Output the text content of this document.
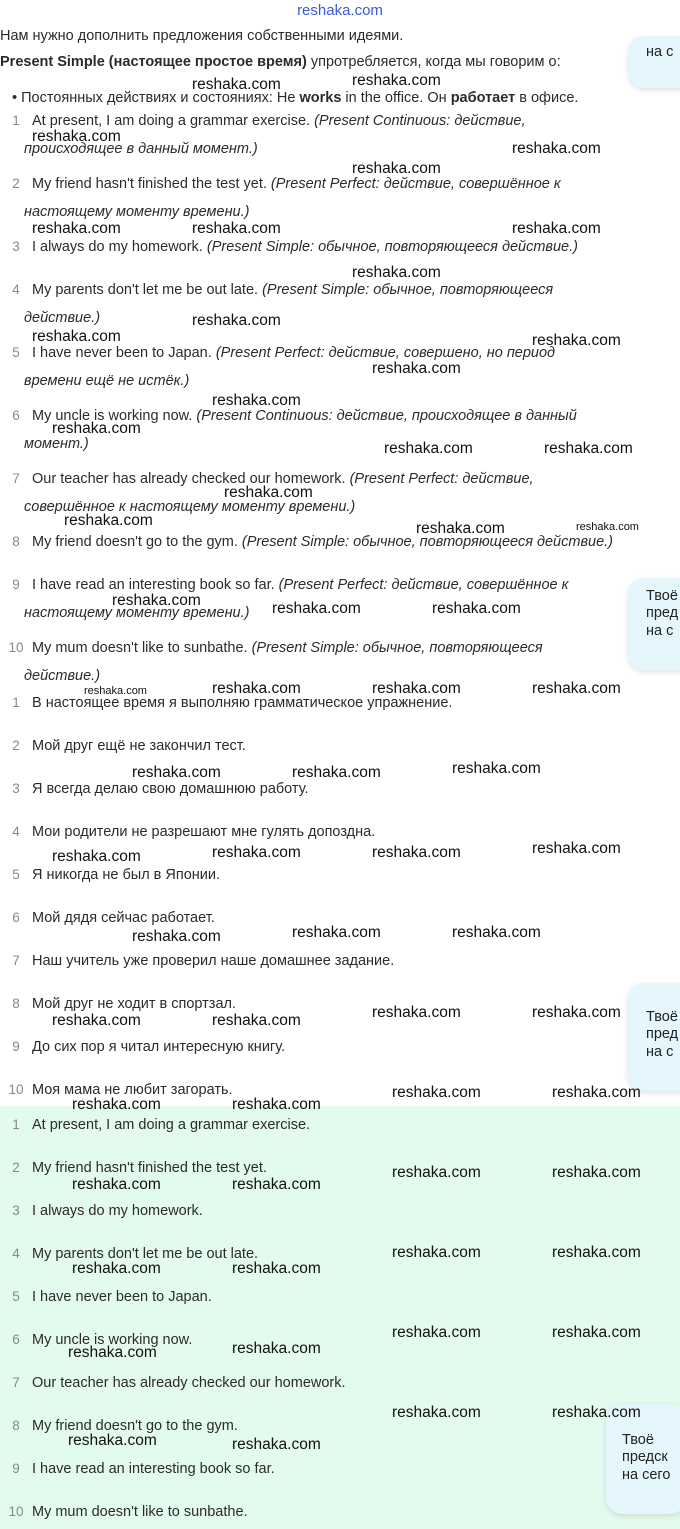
reshaka.com
Нам нужно дополнить предложения собственными идеями.
Present Simple (настоящее простое время) упротребляется, когда мы говорим о:
• Постоянных действиях и состояниях: He works in the office. Он работает в офисе.
1 At present, I am doing a grammar exercise. (Present Continuous: действие,
происходящее в данный момент.)
2 My friend hasn't finished the test yet. (Present Perfect: действие, совершённое к
настоящему моменту времени.)
3 I always do my homework. (Present Simple: обычное, повторяющееся действие.)
4 My parents don't let me be out late. (Present Simple: обычное, повторяющееся
действие.)
5 I have never been to Japan. (Present Perfect: действие, совершено, но период
времени ещё не истёк.)
6 My uncle is working now. (Present Continuous: действие, происходящее в данный
момент.)
7 Our teacher has already checked our homework. (Present Perfect: действие,
совершённое к настоящему моменту времени.)
8 My friend doesn't go to the gym. (Present Simple: обычное, повторяющееся действие.)
9 I have read an interesting book so far. (Present Perfect: действие, совершённое к
настоящему моменту времени.)
10 My mum doesn't like to sunbathe. (Present Simple: обычное, повторяющееся
действие.)
1 В настоящее время я выполняю грамматическое упражнение.
2 Мой друг ещё не закончил тест.
3 Я всегда делаю свою домашнюю работу.
4 Мои родители не разрешают мне гулять допоздна.
5 Я никогда не был в Японии.
6 Мой дядя сейчас работает.
7 Наш учитель уже проверил наше домашнее задание.
8 Мой друг не ходит в спортзал.
9 До сих пор я читал интересную книгу.
10 Моя мама не любит загорать.
1 At present, I am doing a grammar exercise.
2 My friend hasn't finished the test yet.
3 I always do my homework.
4 My parents don't let me be out late.
5 I have never been to Japan.
6 My uncle is working now.
7 Our teacher has already checked our homework.
8 My friend doesn't go to the gym.
9 I have read an interesting book so far.
10 My mum doesn't like to sunbathe.
на с
Твоё
пред
на с
Твоё
пред
на с
Твоё
предск
на сего
reshaka.com	reshaka.com
reshaka.com
reshaka.com
reshaka.com
reshaka.com	reshaka.com	reshaka.com
reshaka.com
reshaka.com
reshaka.com	reshaka.com
reshaka.com
reshaka.com
reshaka.com
reshaka.com	reshaka.com
reshaka.com
reshaka.com	reshaka.com	reshaka.com
reshaka.com	reshaka.com	reshaka.com
reshaka.com	reshaka.com	reshaka.com	reshaka.com
reshaka.com	reshaka.com	reshaka.com
reshaka.com	reshaka.com	reshaka.com	reshaka.com
reshaka.com	reshaka.com	reshaka.com
reshaka.com	reshaka.com
reshaka.com	reshaka.com
reshaka.com	reshaka.com
reshaka.com	reshaka.com
reshaka.com	reshaka.com
reshaka.com	reshaka.com
reshaka.com	reshaka.com
reshaka.com	reshaka.com
reshaka.com	reshaka.com
reshaka.com	reshaka.com
reshaka.com	reshaka.com
reshaka.com	reshaka.com
